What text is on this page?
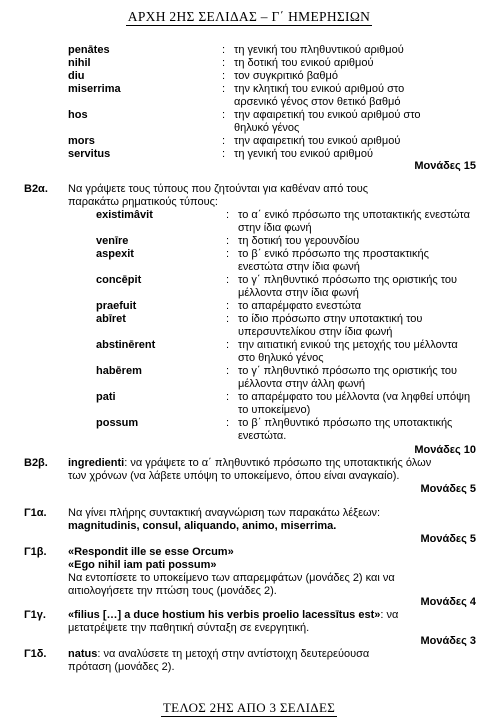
ΑΡΧΗ 2ΗΣ ΣΕΛΙΔΑΣ – Γ΄ ΗΜΕΡΗΣΙΩΝ
penātes	: τη γενική του πληθυντικού αριθμού
nihil	: τη δοτική του ενικού αριθμού
diu	: τον συγκριτικό βαθμό
miserrima	: την κλητική του ενικού αριθμού στο
αρσενικό γένος στον θετικό βαθμό
hos	: την αφαιρετική του ενικού αριθμού στο
θηλυκό γένος
mors	: την αφαιρετική του ενικού αριθμού
servitus	: τη γενική του ενικού αριθμού
Μονάδες 15
Β2α.	Να γράψετε τους τύπους που ζητούνται για καθέναν από τους
παρακάτω ρηματικούς τύπους:
existimâvit	: το α΄ ενικό πρόσωπο της υποτακτικής ενεστώτα
στην ίδια φωνή
venīre	: τη δοτική του γερουνδίου
aspexit	: το β΄ ενικό πρόσωπο της προστακτικής
ενεστώτα στην ίδια φωνή
concēpit	: το γ΄ πληθυντικό πρόσωπο της οριστικής του
μέλλοντα στην ίδια φωνή
praefuit	: το απαρέμφατο ενεστώτα
abīret	: το ίδιο πρόσωπο στην υποτακτική του
υπερσυντελίκου στην ίδια φωνή
abstinērent	: την αιτιατική ενικού της μετοχής του μέλλοντα
στο θηλυκό γένος
habērem	: το γ΄ πληθυντικό πρόσωπο της οριστικής του
μέλλοντα στην άλλη φωνή
pati	: το απαρέμφατο του μέλλοντα (να ληφθεί υπόψη
το υποκείμενο)
possum	: το β΄ πληθυντικό πρόσωπο της υποτακτικής
ενεστώτα.
Μονάδες 10
Β2β.	ingredienti: να γράψετε το α΄ πληθυντικό πρόσωπο της υποτακτικής όλων
των χρόνων (να λάβετε υπόψη το υποκείμενο, όπου είναι αναγκαίο).
Μονάδες 5
Γ1α.	Να γίνει πλήρης συντακτική αναγνώριση των παρακάτω λέξεων:
magnitudinis, consul, aliquando, animo, miserrima.
Μονάδες 5
Γ1β.	«Respondit ille se esse Orcum»
«Ego nihil iam pati possum»
Να εντοπίσετε το υποκείμενο των απαρεμφάτων (μονάδες 2) και να
αιτιολογήσετε την πτώση τους (μονάδες 2).
Μονάδες 4
Γ1γ.	«filius […] a duce hostium his verbis proelio lacessītus est»: να
μετατρέψετε την παθητική σύνταξη σε ενεργητική.
Μονάδες 3
Γ1δ.	natus: να αναλύσετε τη μετοχή στην αντίστοιχη δευτερεύουσα
πρόταση (μονάδες 2).
ΤΕΛΟΣ 2ΗΣ ΑΠΟ 3 ΣΕΛΙΔΕΣ
